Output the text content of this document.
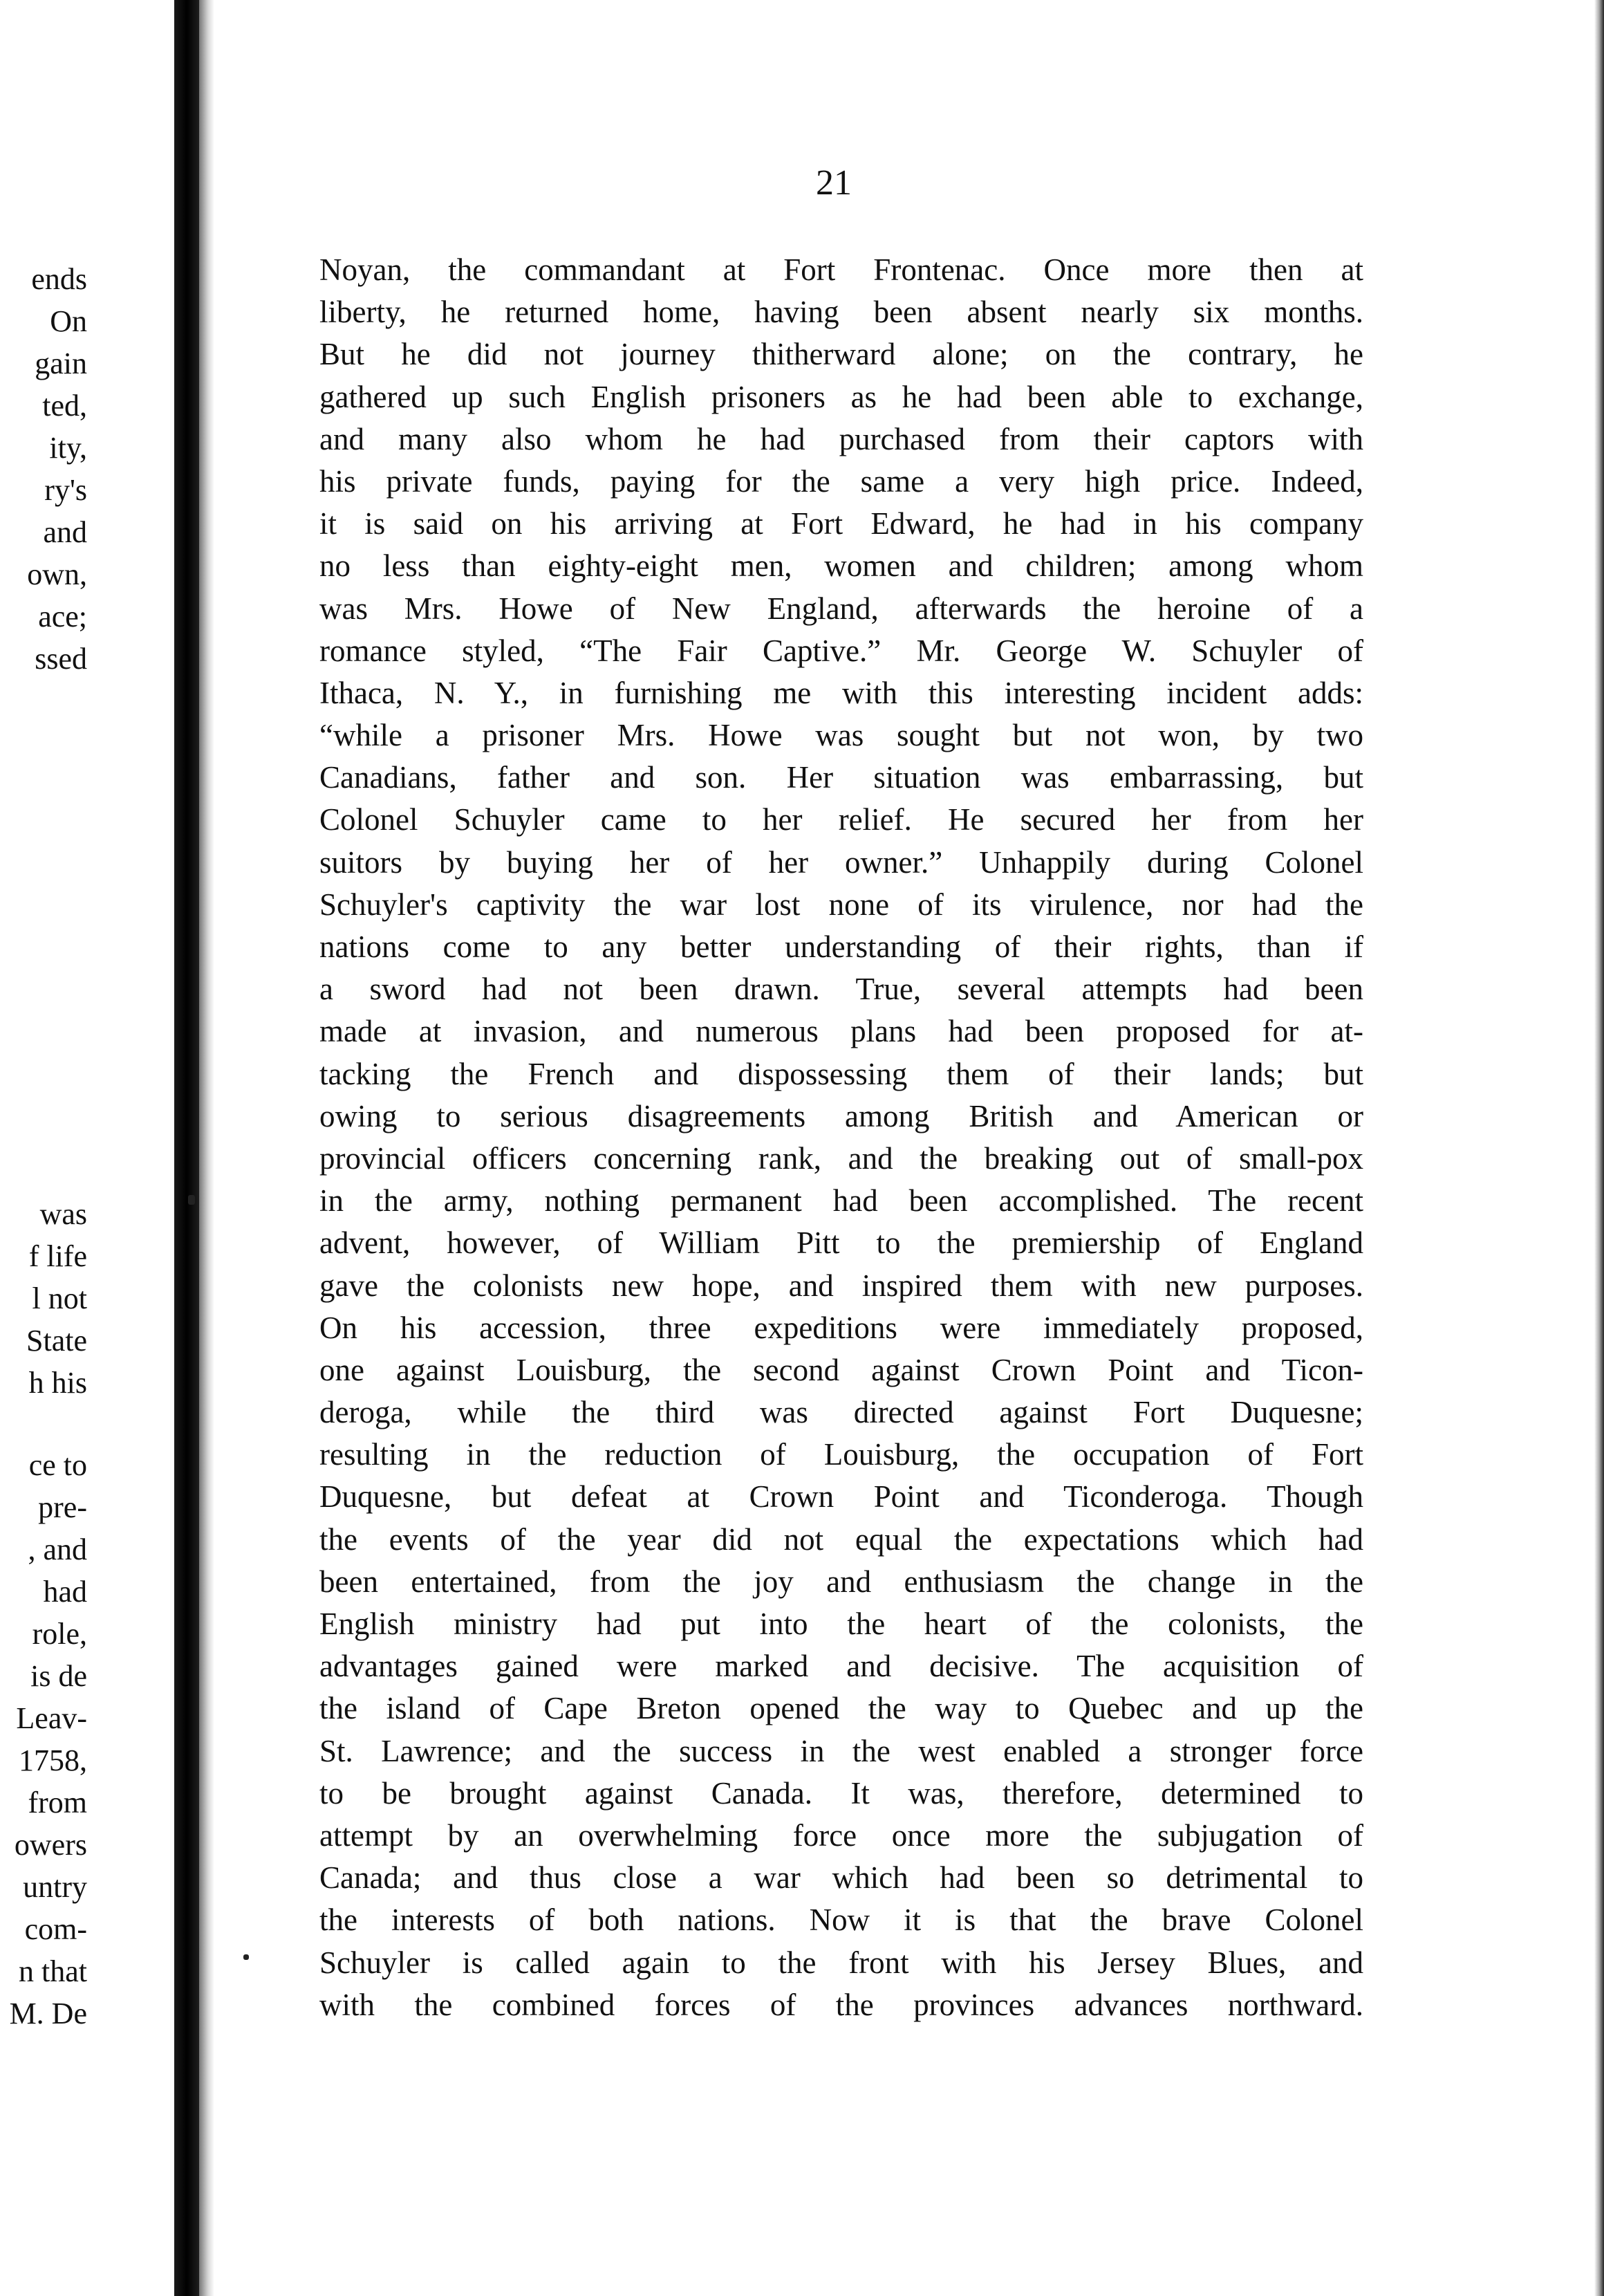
ends
On
gain
ted,
ity,
ry's
and
own,
ace;
ssed
was
f life
l not
State
h his
ce to
pre-
, and
had
role,
is de
Leav-
1758,
from
owers
untry
com-
n that
M. De
21
Noyan, the commandant at Fort Frontenac. Once more then at
liberty, he returned home, having been absent nearly six months.
But he did not journey thitherward alone; on the contrary, he
gathered up such English prisoners as he had been able to exchange,
and many also whom he had purchased from their captors with
his private funds, paying for the same a very high price. Indeed,
it is said on his arriving at Fort Edward, he had in his company
no less than eighty-eight men, women and children; among whom
was Mrs. Howe of New England, afterwards the heroine of a
romance styled, “The Fair Captive.” Mr. George W. Schuyler of
Ithaca, N. Y., in furnishing me with this interesting incident adds:
“while a prisoner Mrs. Howe was sought but not won, by two
Canadians, father and son. Her situation was embarrassing, but
Colonel Schuyler came to her relief. He secured her from her
suitors by buying her of her owner.” Unhappily during Colonel
Schuyler's captivity the war lost none of its virulence, nor had the
nations come to any better understanding of their rights, than if
a sword had not been drawn. True, several attempts had been
made at invasion, and numerous plans had been proposed for at-
tacking the French and dispossessing them of their lands; but
owing to serious disagreements among British and American or
provincial officers concerning rank, and the breaking out of small-pox
in the army, nothing permanent had been accomplished. The recent
advent, however, of William Pitt to the premiership of England
gave the colonists new hope, and inspired them with new purposes.
On his accession, three expeditions were immediately proposed,
one against Louisburg, the second against Crown Point and Ticon-
deroga, while the third was directed against Fort Duquesne;
resulting in the reduction of Louisburg, the occupation of Fort
Duquesne, but defeat at Crown Point and Ticonderoga. Though
the events of the year did not equal the expectations which had
been entertained, from the joy and enthusiasm the change in the
English ministry had put into the heart of the colonists, the
advantages gained were marked and decisive. The acquisition of
the island of Cape Breton opened the way to Quebec and up the
St. Lawrence; and the success in the west enabled a stronger force
to be brought against Canada. It was, therefore, determined to
attempt by an overwhelming force once more the subjugation of
Canada; and thus close a war which had been so detrimental to
the interests of both nations. Now it is that the brave Colonel
Schuyler is called again to the front with his Jersey Blues, and
with the combined forces of the provinces advances northward.
